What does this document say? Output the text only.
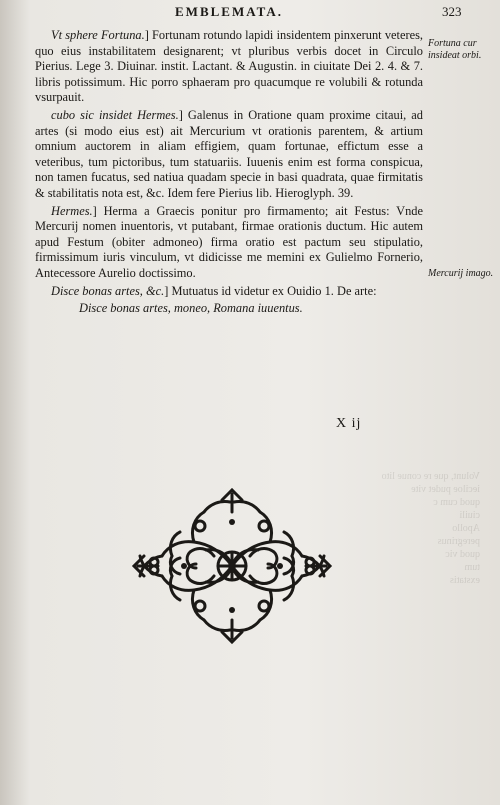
Volunt, que re conue lito
ieciloe pudet vite
quod cum c
ciuili
Apollo
peregrinus
quod vic
tum
exstatis
EMBLEMATA.	323
Fortuna cur insideat orbi.
Mercurij imago.

Vt sphere Fortuna.] Fortunam rotundo lapidi insidentem pinxerunt veteres, quo eius instabilitatem designarent; vt pluribus verbis docet in Circulo Pierius. Lege 3. Diuinar. instit. Lactant. & Augustin. in ciuitate Dei 2. 4. & 7. libris potissimum. Hic porro sphaeram pro quacumque re volubili & rotunda vsurpauit.

cubo sic insidet Hermes.] Galenus in Oratione quam proxime citaui, ad artes (si modo eius est) ait Mercurium vt orationis parentem, & artium omnium auctorem in aliam effigiem, quam fortunae, effictum esse a veteribus, tum pictoribus, tum statuariis. Iuuenis enim est forma conspicua, non tamen fucatus, sed natiua quadam specie in basi quadrata, quae firmitatis & stabilitatis nota est, &c. Idem fere Pierius lib. Hieroglyph. 39.

Hermes.] Herma a Graecis ponitur pro firmamento; ait Festus: Vnde Mercurij nomen inuentoris, vt putabant, firmae orationis ductum. Hic autem apud Festum (obiter admoneo) firma oratio est pactum seu stipulatio, firmissimum iuris vinculum, vt didicisse me memini ex Gulielmo Fornerio, Antecessore Aurelio doctissimo.

Disce bonas artes, &c.] Mutuatus id videtur ex Ouidio 1. De arte:

Disce bonas artes, moneo, Romana iuuentus.
X ij
